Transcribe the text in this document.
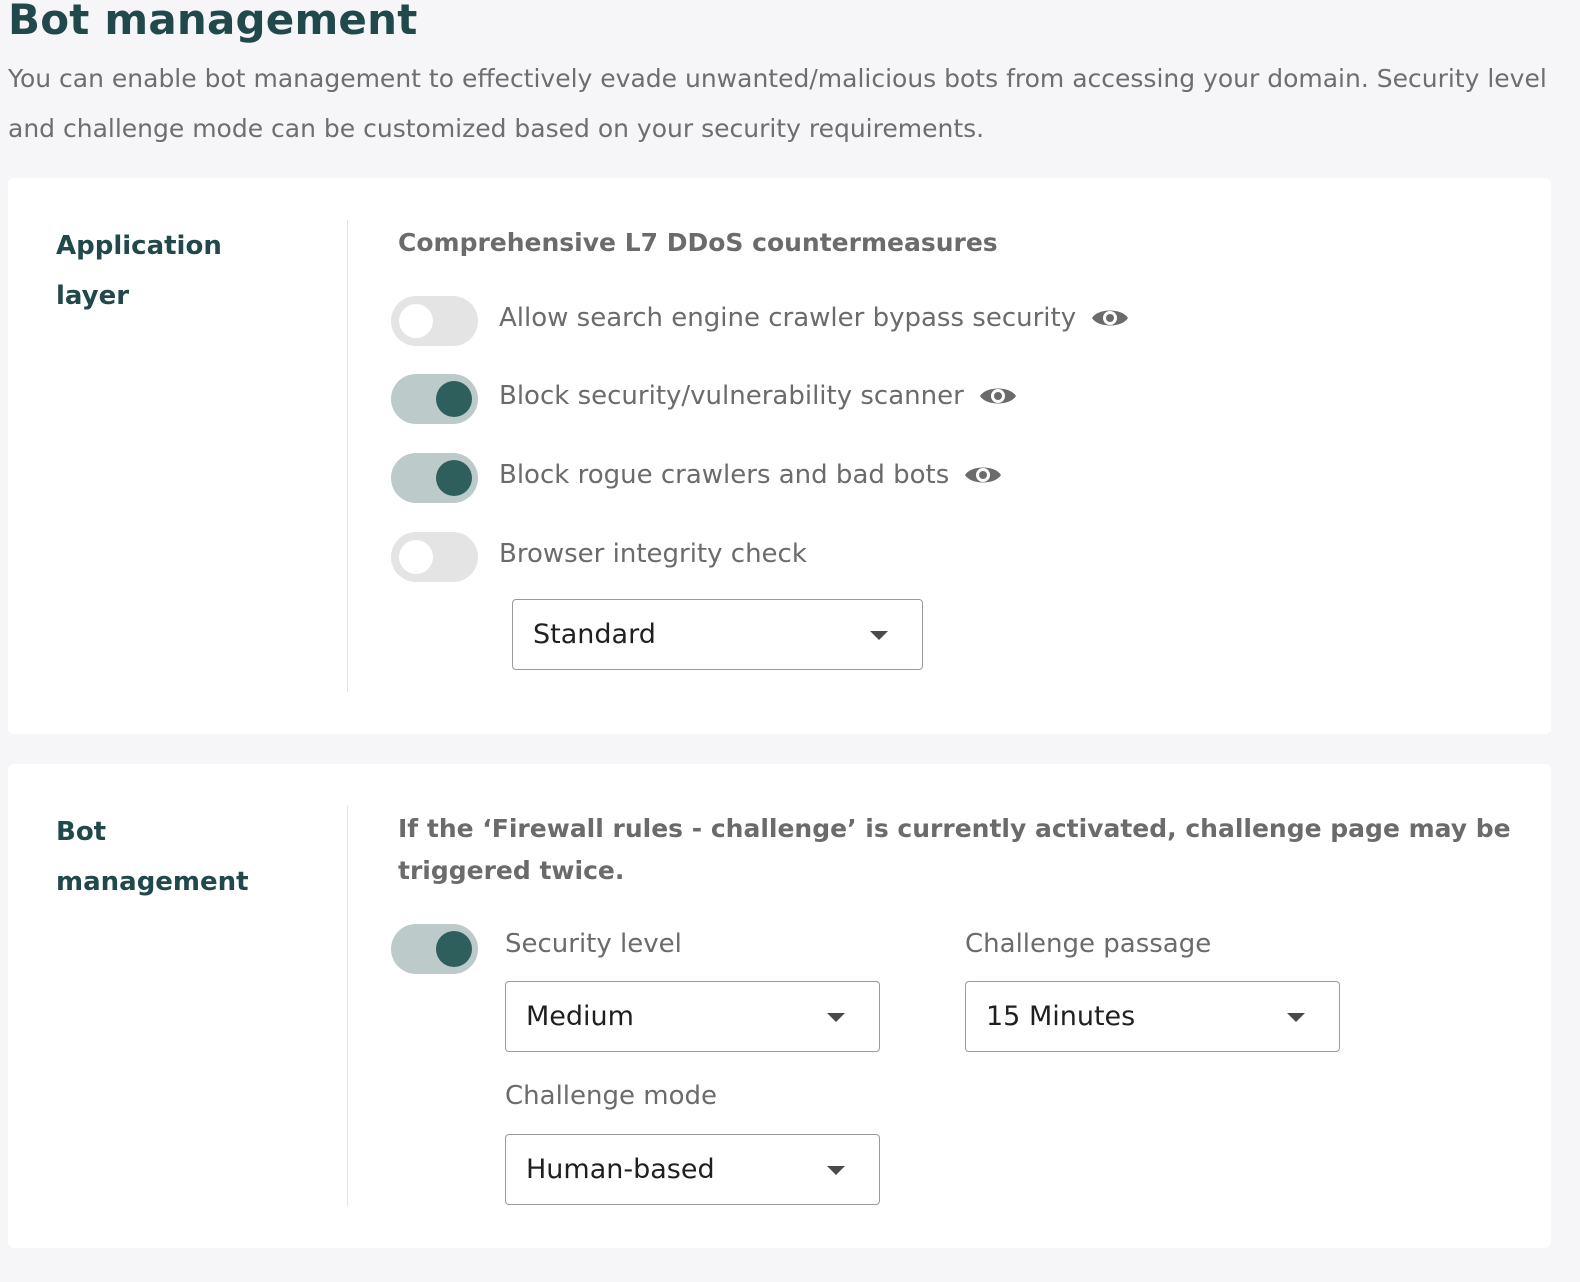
Bot management

You can enable bot management to effectively evade unwanted/malicious bots from accessing your domain. Security level and challenge mode can be customized based on your security requirements.

Application layer
Comprehensive L7 DDoS countermeasures
Allow search engine crawler bypass security
Block security/vulnerability scanner
Block rogue crawlers and bad bots
Browser integrity check
Standard
Bot management
If the ‘Firewall rules - challenge’ is currently activated, challenge page may be triggered twice.
Security level
Medium
Challenge passage
15 Minutes
Challenge mode
Human-based
